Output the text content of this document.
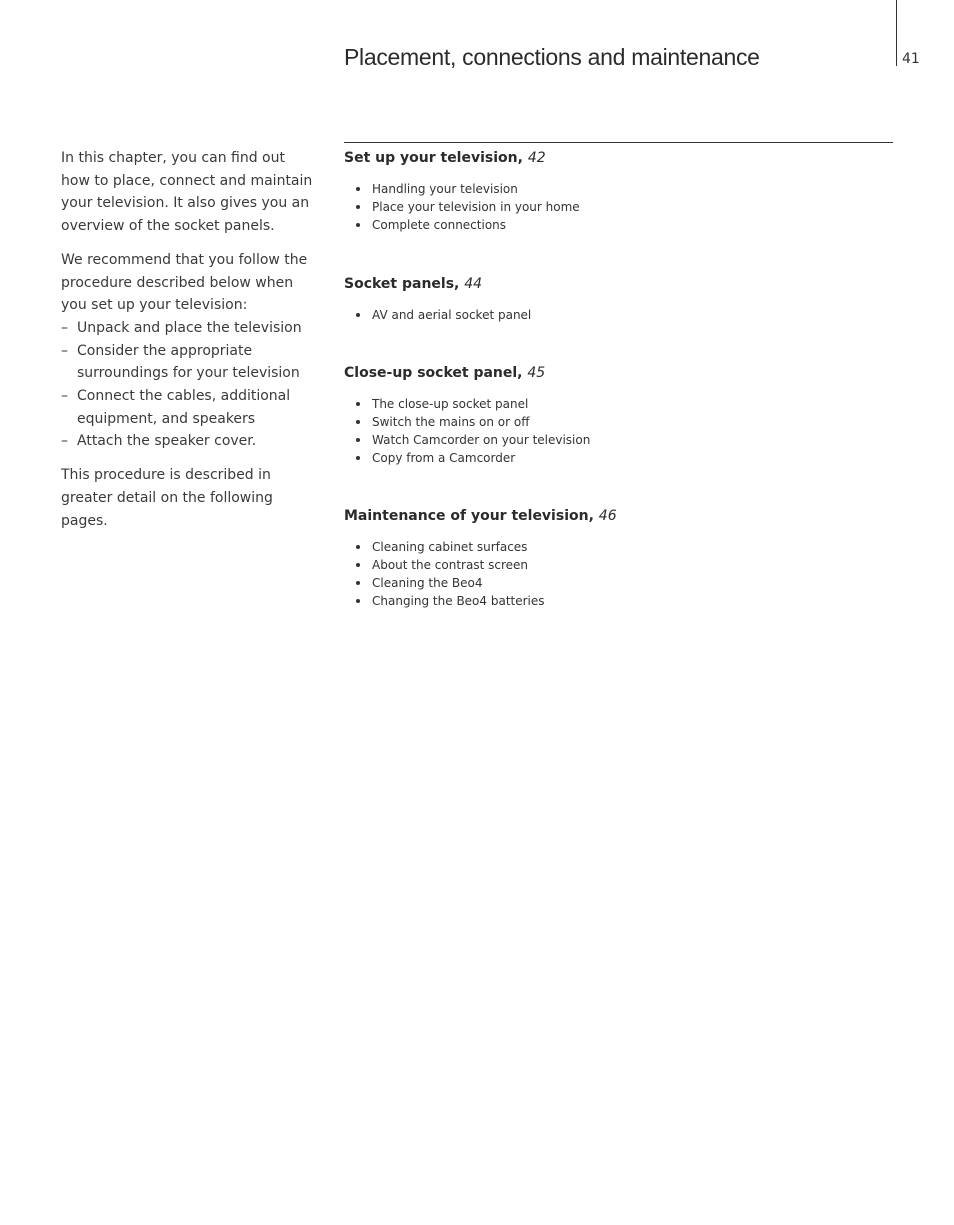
Placement, connections and maintenance	41

In this chapter, you can find out how to place, connect and maintain your television. It also gives you an overview of the socket panels.

We recommend that you follow the procedure described below when you set up your television:

– Unpack and place the television
– Consider the appropriate surroundings for your television
– Connect the cables, additional equipment, and speakers
– Attach the speaker cover.

This procedure is described in greater detail on the following pages.

Set up your television, 42
Handling your television
Place your television in your home
Complete connections
Socket panels, 44
AV and aerial socket panel
Close-up socket panel, 45
The close-up socket panel
Switch the mains on or off
Watch Camcorder on your television
Copy from a Camcorder
Maintenance of your television, 46
Cleaning cabinet surfaces
About the contrast screen
Cleaning the Beo4
Changing the Beo4 batteries
